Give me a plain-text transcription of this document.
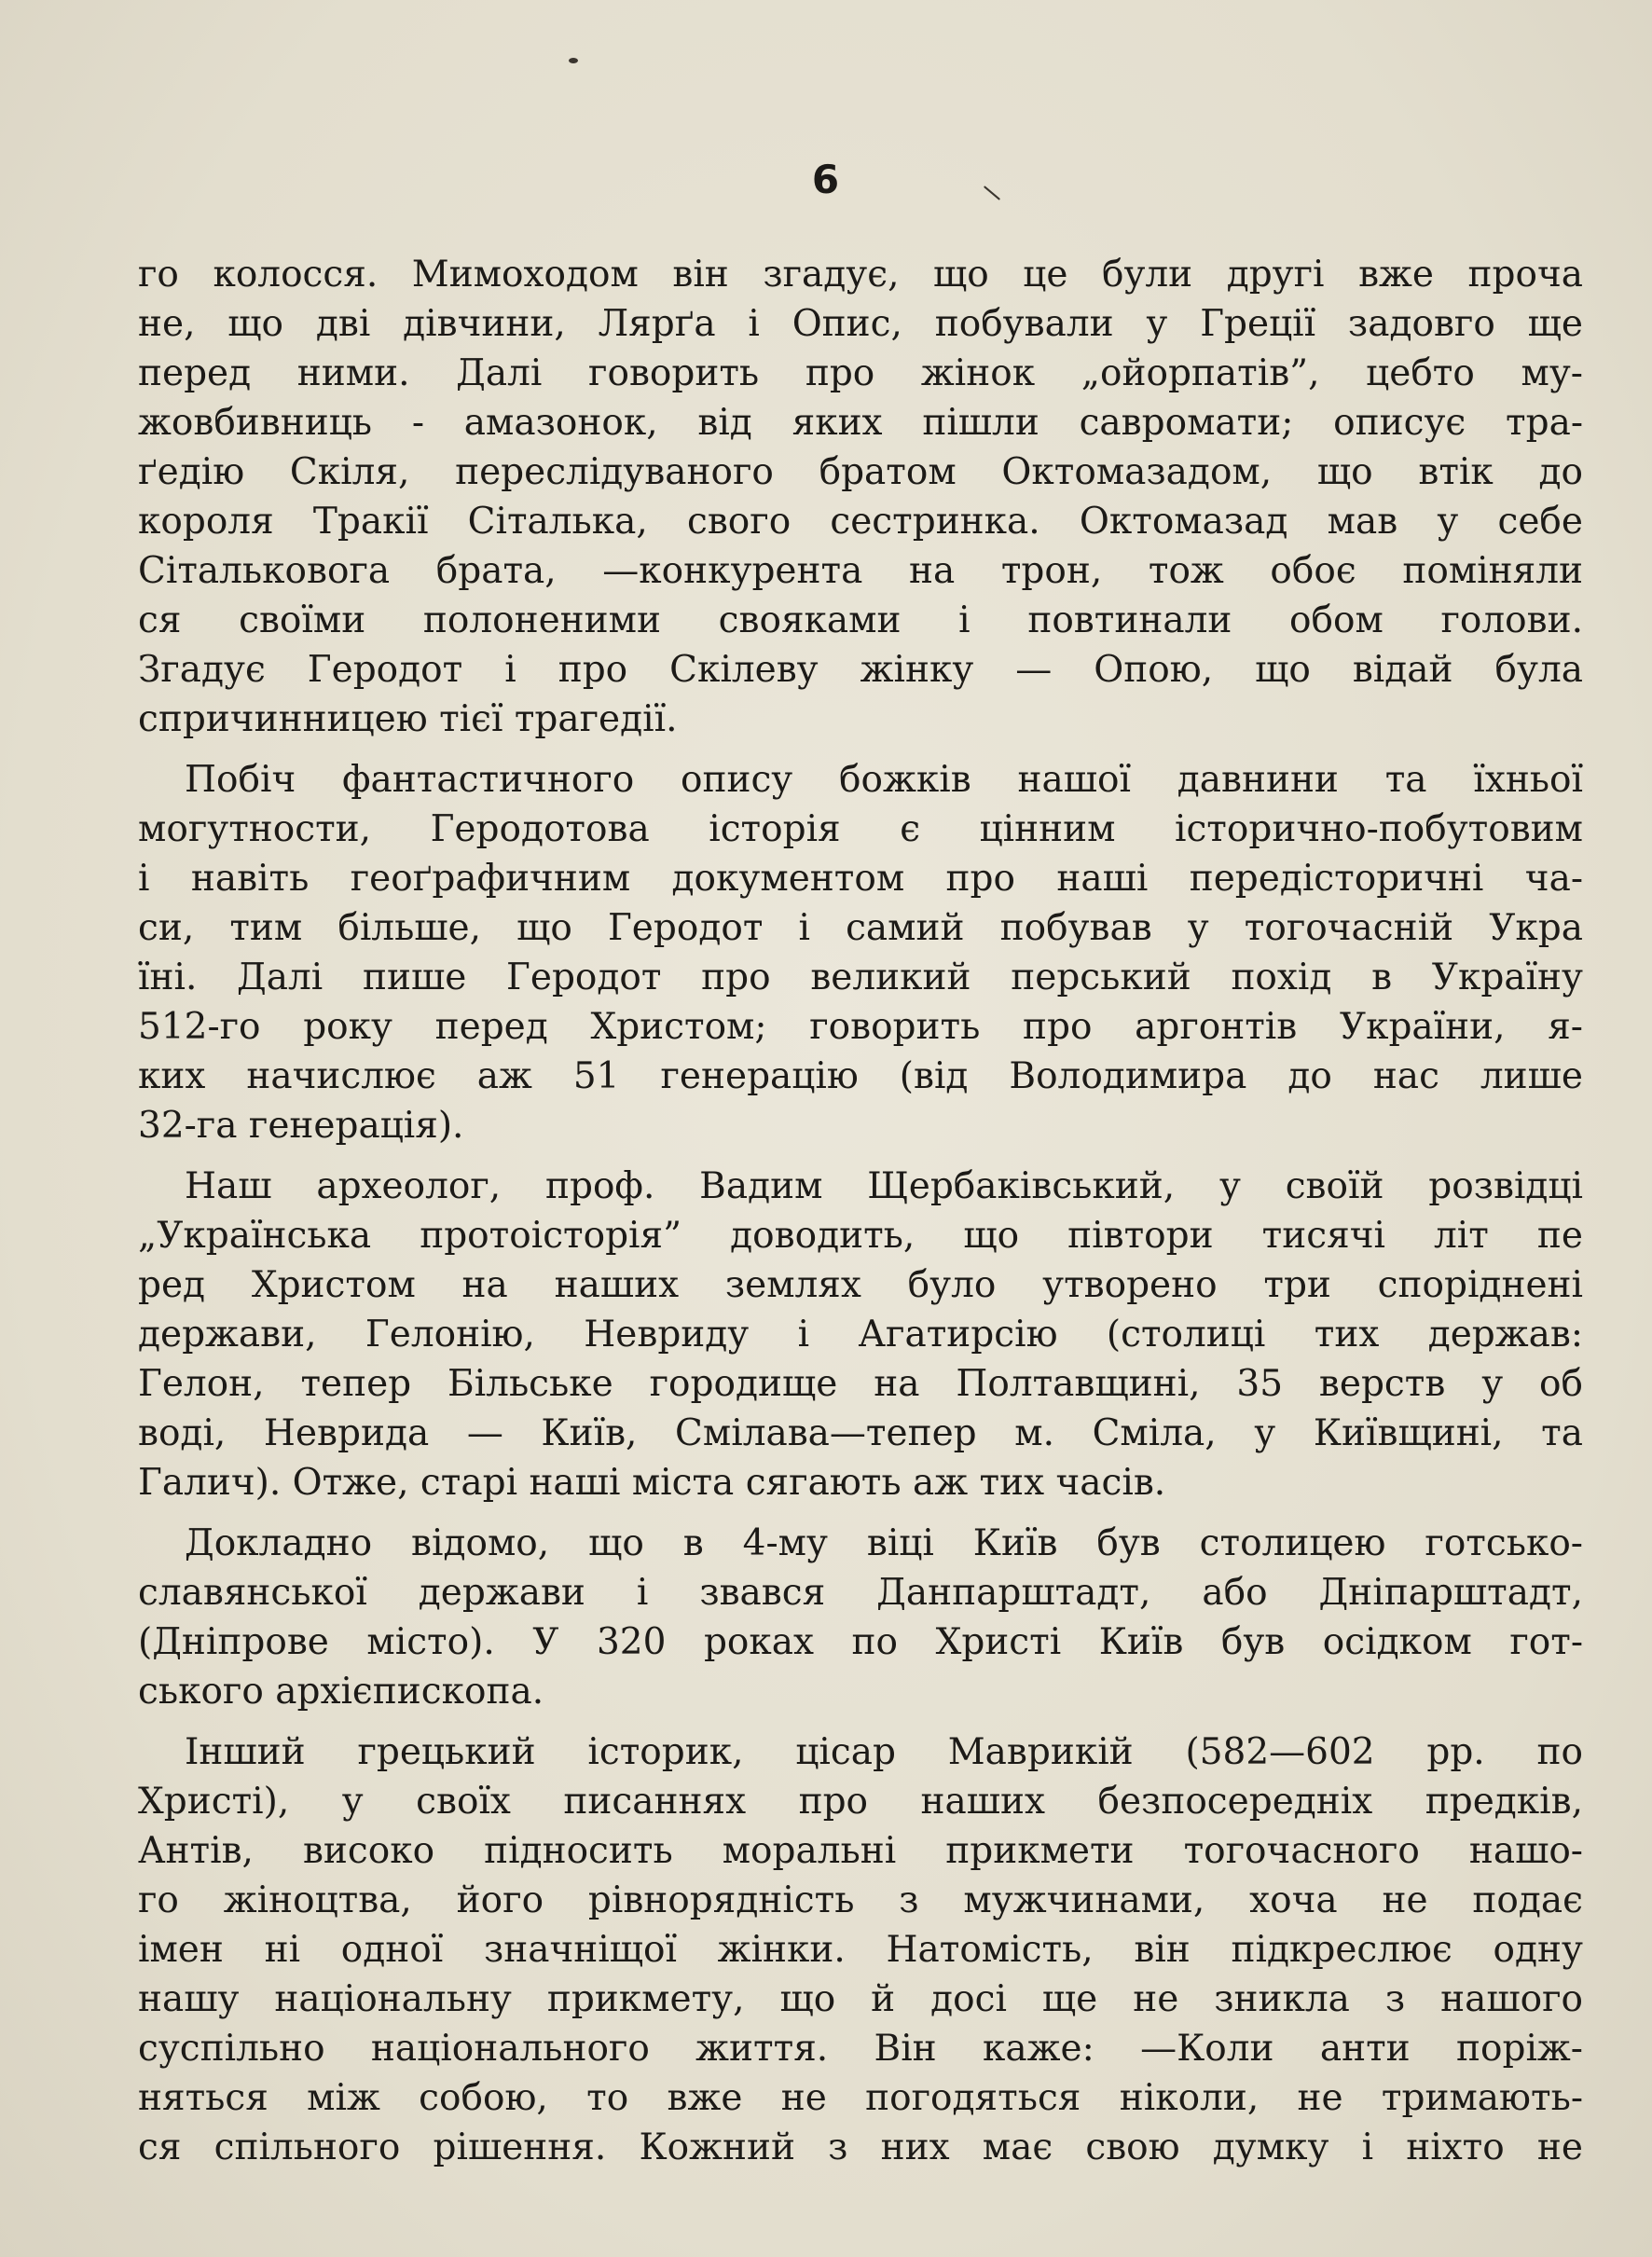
6
го колосся. Мимоходом він згадує, що це були другі вже проча
не, що дві дівчини, Лярґа і Опис, побували у Греції задовго ще
перед ними. Далі говорить про жінок „ойорпатів”, цебто му-
жовбивниць - амазонок, від яких пішли савромати; описує тра-
ґедію Скіля, переслідуваного братом Октомазадом, що втік до
короля Тракії Сіталька, свого сестринка. Октомазад мав у себе
Сітальковога брата, —конкурента на трон, тож обоє поміняли
ся своїми полоненими свояками і повтинали обом голови.
Згадує Геродот і про Скілеву жінку — Опою, що відай була
спричинницею тієї трагедії.
Побіч фантастичного опису божків нашої давнини та їхньої
могутности, Геродотова історія є цінним історично-побутовим
і навіть геоґрафичним документом про наші передісторичні ча-
си, тим більше, що Геродот і самий побував у тогочасній Укра
їні. Далі пише Геродот про великий перський похід в Україну
512-го року перед Христом; говорить про аргонтів України, я-
ких начислює аж 51 генерацію (від Володимира до нас лише
32-га генерація).
Наш археолог, проф. Вадим Щербаківський, у своїй розвідці
„Українська протоісторія” доводить, що півтори тисячі літ пе
ред Христом на наших землях було утворено три споріднені
держави, Гелонію, Невриду і Агатирсію (столиці тих держав:
Гелон, тепер Більське городище на Полтавщині, 35 верств у об
воді, Неврида — Київ, Смілава—тепер м. Сміла, у Київщині, та
Галич). Отже, старі наші міста сягають аж тих часів.
Докладно відомо, що в 4-му віці Київ був столицею готсько-
славянської держави і звався Данпарштадт, або Дніпарштадт,
(Дніпрове місто). У 320 роках по Христі Київ був осідком гот-
ського архієпископа.
Інший грецький історик, цісар Маврикій (582—602 рр. по
Христі), у своїх писаннях про наших безпосередніх предків,
Антів, високо підносить моральні прикмети тогочасного нашо-
го жіноцтва, його рівнорядність з мужчинами, хоча не подає
імен ні одної значніщої жінки. Натомість, він підкреслює одну
нашу національну прикмету, що й досі ще не зникла з нашого
суспільно національного життя. Він каже: —Коли анти поріж-
няться між собою, то вже не погодяться ніколи, не тримають-
ся спільного рішення. Кожний з них має свою думку і ніхто не
